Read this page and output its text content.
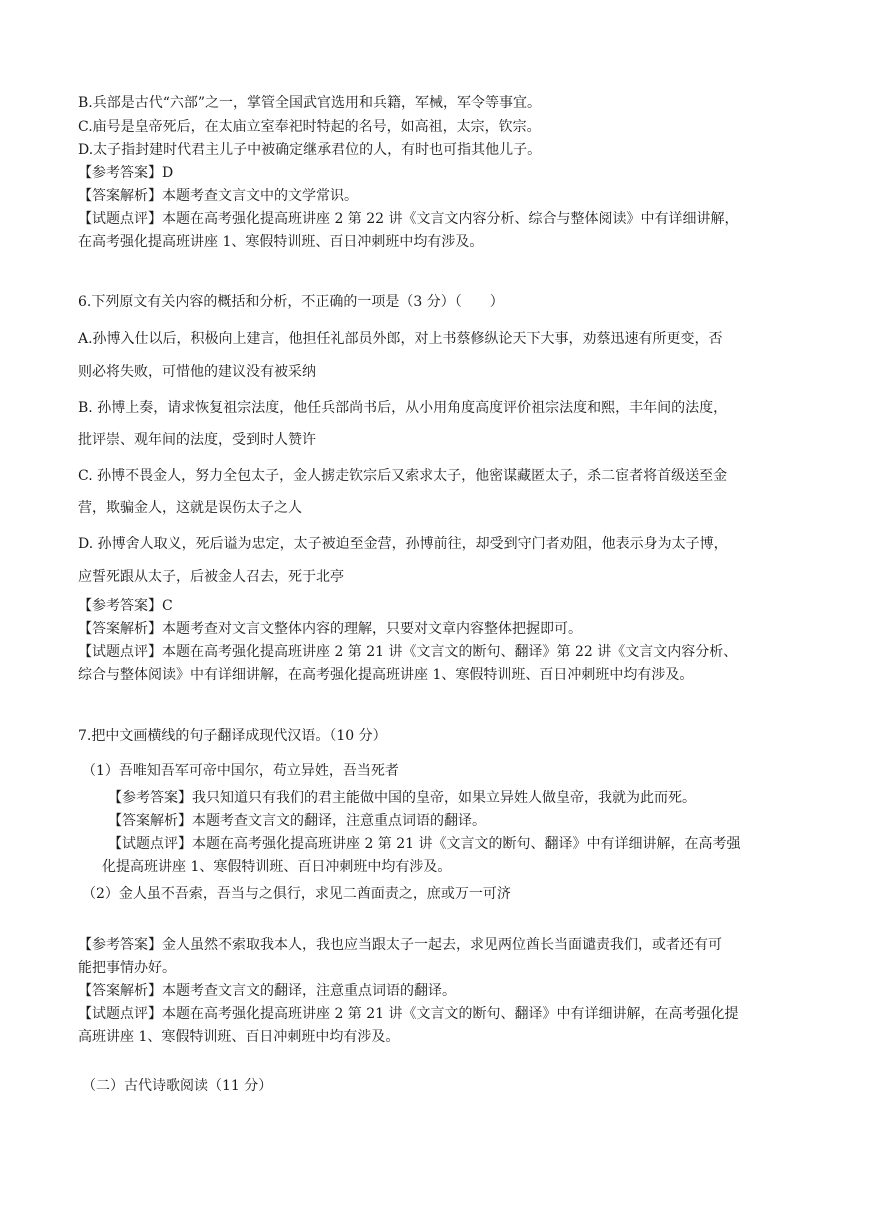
B.兵部是古代“六部”之一，掌管全国武官选用和兵籍，军械，军令等事宜。
C.庙号是皇帝死后，在太庙立室奉祀时特起的名号，如高祖，太宗，钦宗。
D.太子指封建时代君主儿子中被确定继承君位的人，有时也可指其他儿子。
【参考答案】D
【答案解析】本题考查文言文中的文学常识。
【试题点评】本题在高考强化提高班讲座 2 第 22 讲《文言文内容分析、综合与整体阅读》中有详细讲解，
在高考强化提高班讲座 1、寒假特训班、百日冲刺班中均有涉及。
6.下列原文有关内容的概括和分析，不正确的一项是（3 分）（　　）
A.孙博入仕以后，积极向上建言，他担任礼部员外郎，对上书蔡修纵论天下大事，劝蔡迅速有所更变，否
则必将失败，可惜他的建议没有被采纳
B. 孙博上奏，请求恢复祖宗法度，他任兵部尚书后，从小用角度高度评价祖宗法度和熙，丰年间的法度，
批评崇、观年间的法度，受到时人赞许
C. 孙博不畏金人，努力全包太子，金人掳走钦宗后又索求太子，他密谋藏匿太子，杀二宦者将首级送至金
营，欺骗金人，这就是误伤太子之人
D. 孙博舍人取义，死后谥为忠定，太子被迫至金营，孙博前往，却受到守门者劝阻，他表示身为太子博，
应誓死跟从太子，后被金人召去，死于北亭
【参考答案】C
【答案解析】本题考查对文言文整体内容的理解，只要对文章内容整体把握即可。
【试题点评】本题在高考强化提高班讲座 2 第 21 讲《文言文的断句、翻译》第 22 讲《文言文内容分析、
综合与整体阅读》中有详细讲解，在高考强化提高班讲座 1、寒假特训班、百日冲刺班中均有涉及。
7.把中文画横线的句子翻译成现代汉语。（10 分）
（1）吾唯知吾军可帝中国尔，苟立异姓，吾当死者
【参考答案】我只知道只有我们的君主能做中国的皇帝，如果立异姓人做皇帝，我就为此而死。
【答案解析】本题考查文言文的翻译，注意重点词语的翻译。
【试题点评】本题在高考强化提高班讲座 2 第 21 讲《文言文的断句、翻译》中有详细讲解，在高考强
化提高班讲座 1、寒假特训班、百日冲刺班中均有涉及。
（2）金人虽不吾索，吾当与之俱行，求见二酋面责之，庶或万一可济
【参考答案】金人虽然不索取我本人，我也应当跟太子一起去，求见两位酋长当面谴责我们，或者还有可
能把事情办好。
【答案解析】本题考查文言文的翻译，注意重点词语的翻译。
【试题点评】本题在高考强化提高班讲座 2 第 21 讲《文言文的断句、翻译》中有详细讲解，在高考强化提
高班讲座 1、寒假特训班、百日冲刺班中均有涉及。
（二）古代诗歌阅读（11 分）
